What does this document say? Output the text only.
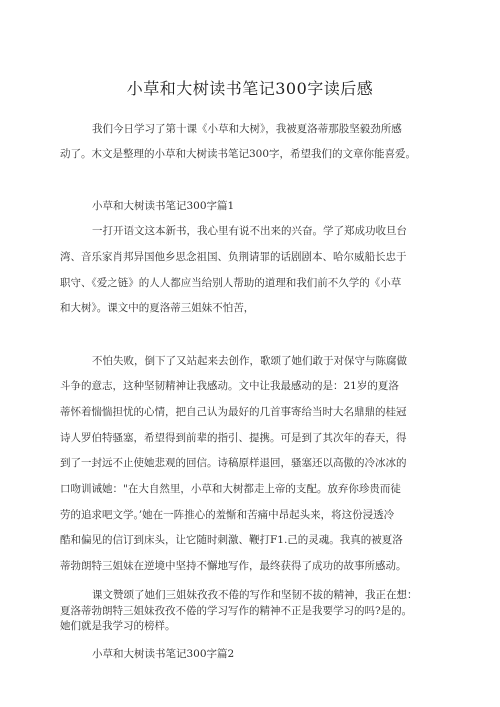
小草和大树读书笔记300字读后感
我们今日学习了第十课《小草和大树》，我被夏洛蒂那股坚毅劲所感
动了。木文是整理的小草和大树读书笔记300字，希望我们的文章你能喜爱。
小草和大树读书笔记300字篇1
一打开语文这本新书，我心里有说不出来的兴奋。学了郑成功收旦台
湾、音乐家肖邦异国他乡思念祖国、负荆请罪的话剧剧本、哈尔威船长忠于
职守、《爱之链》的人人都应当给别人帮助的道理和我们前不久学的《小草
和大树》。课文中的夏洛蒂三姐妹不怕苦，
不怕失败，倒下了又站起来去创作，歌颂了她们敢于对保守与陈腐做
斗争的意志，这种坚韧精神让我感动。文中让我最感动的是：21岁的夏洛
蒂怀着惴惴担忧的心情，把自己认为最好的几首事寄给当时大名鼎鼎的桂冠
诗人罗伯特骚塞，希望得到前辈的指引、提携。可是到了其次年的春天，得
到了一封远不止使她悲观的回信。诗稿原样退回，骚塞还以高傲的冷冰冰的
口吻训诫她："在大自然里，小草和大树都走上帝的支配。放弃你珍贵而徒
劳的追求吧文学。’她在一阵推心的羞惭和苦痛中昂起头来，将这份浸透冷
酷和偏见的信订到床头，让它随时刺激、鞭打F1.己的灵魂。我真的被夏洛
蒂勃朗特三姐妹在逆境中坚持不懈地写作，最终获得了成功的故事所感动。
课文赞颂了她们三姐妹孜孜不倦的写作和坚韧不拔的精神，我正在想：
夏洛蒂勃朗特三姐妹孜孜不倦的学习写作的精神不正是我要学习的吗?是的。
她们就是我学习的榜样。
小草和大树读书笔记300字篇2
